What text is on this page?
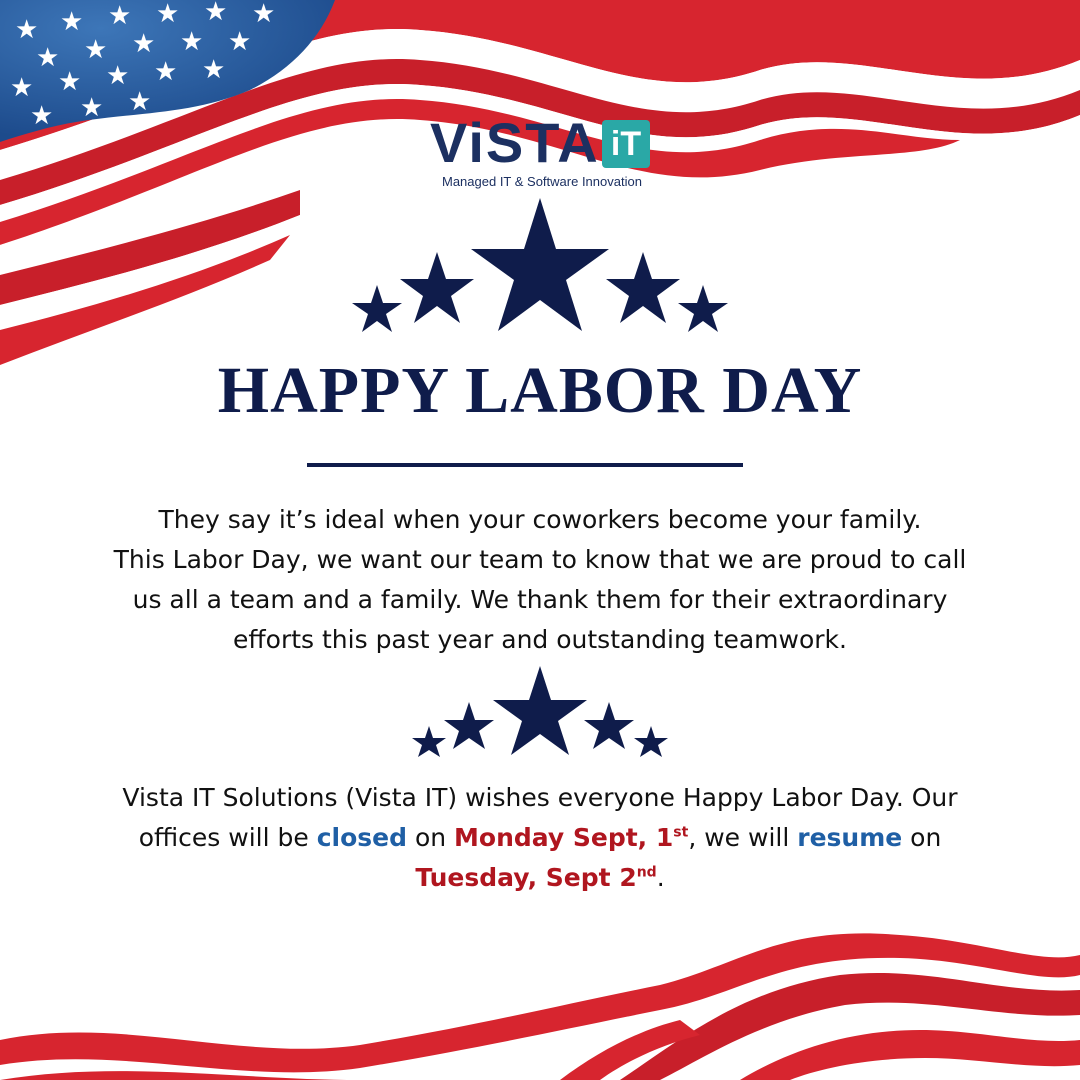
★ ★ ★ ★ ★ ★
★ ★ ★ ★ ★
★ ★ ★ ★ ★
★ ★ ★
ViSTA iT
Managed IT & Software Innovation
HAPPY LABOR DAY
They say it’s ideal when your coworkers become your family.
This Labor Day, we want our team to know that we are proud to call
us all a team and a family. We thank them for their extraordinary
efforts this past year and outstanding teamwork.
Vista IT Solutions (Vista IT) wishes everyone Happy Labor Day. Our offices will be closed on Monday Sept, 1st, we will resume on
Tuesday, Sept 2nd.
